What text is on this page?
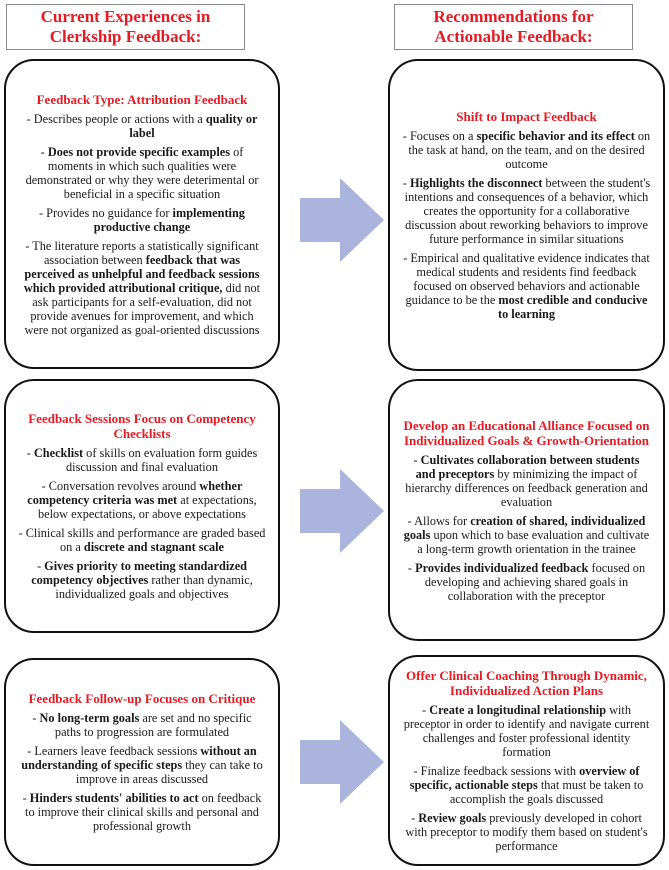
Current Experiences in Clerkship Feedback:
Recommendations for Actionable Feedback:
Feedback Type: Attribution Feedback
- Describes people or actions with a quality or label
- Does not provide specific examples of moments in which such qualities were demonstrated or why they were deterimental or beneficial in a specific situation
- Provides no guidance for implementing productive change
- The literature reports a statistically significant association between feedback that was perceived as unhelpful and feedback sessions which provided attributional critique, did not ask participants for a self-evaluation, did not provide avenues for improvement, and which were not organized as goal-oriented discussions
Shift to Impact Feedback
- Focuses on a specific behavior and its effect on the task at hand, on the team, and on the desired outcome
- Highlights the disconnect between the student's intentions and consequences of a behavior, which creates the opportunity for a collaborative discussion about reworking behaviors to improve future performance in similar situations
- Empirical and qualitative evidence indicates that medical students and residents find feedback focused on observed behaviors and actionable guidance to be the most credible and conducive to learning
Feedback Sessions Focus on Competency Checklists
- Checklist of skills on evaluation form guides discussion and final evaluation
- Conversation revolves around whether competency criteria was met at expectations, below expectations, or above expectations
- Clinical skills and performance are graded based on a discrete and stagnant scale
- Gives priority to meeting standardized competency objectives rather than dynamic, individualized goals and objectives
Develop an Educational Alliance Focused on Individualized Goals & Growth-Orientation
- Cultivates collaboration between students and preceptors by minimizing the impact of hierarchy differences on feedback generation and evaluation
- Allows for creation of shared, individualized goals upon which to base evaluation and cultivate a long-term growth orientation in the trainee
- Provides individualized feedback focused on developing and achieving shared goals in collaboration with the preceptor
Feedback Follow-up Focuses on Critique
- No long-term goals are set and no specific paths to progression are formulated
- Learners leave feedback sessions without an understanding of specific steps they can take to improve in areas discussed
- Hinders students' abilities to act on feedback to improve their clinical skills and personal and professional growth
Offer Clinical Coaching Through Dynamic, Individualized Action Plans
- Create a longitudinal relationship with preceptor in order to identify and navigate current challenges and foster professional identity formation
- Finalize feedback sessions with overview of specific, actionable steps that must be taken to accomplish the goals discussed
- Review goals previously developed in cohort with preceptor to modify them based on student's performance
